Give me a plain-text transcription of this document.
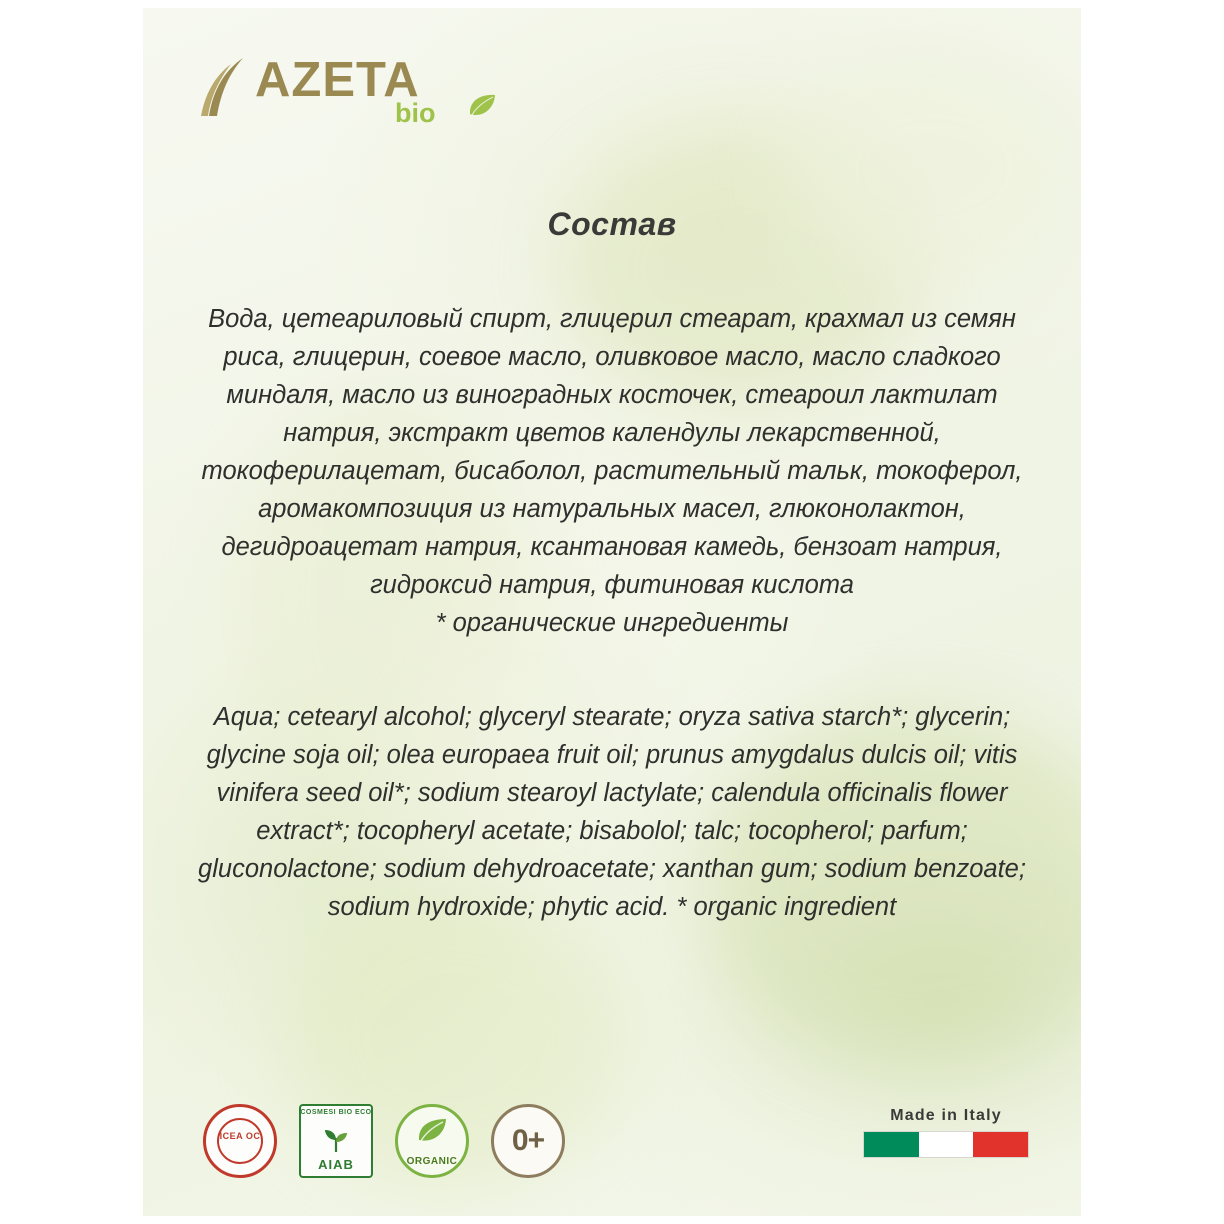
AZETA
bio
Состав
Вода, цетеариловый спирт, глицерил стеарат, крахмал из семян риса, глицерин, соевое масло, оливковое масло, масло сладкого миндаля, масло из виноградных косточек, стеароил лактилат натрия, экстракт цветов календулы лекарственной, токоферилацетат, бисаболол, растительный тальк, токоферол, аромакомпозиция из натуральных масел, глюконолактон, дегидроацетат натрия, ксантановая камедь, бензоат натрия, гидроксид натрия, фитиновая кислота
* органические ингредиенты
Aqua; cetearyl alcohol; glyceryl stearate; oryza sativa starch*; glycerin; glycine soja oil; olea europaea fruit oil; prunus amygdalus dulcis oil; vitis vinifera seed oil*; sodium stearoyl lactylate; calendula officinalis flower extract*; tocopheryl acetate; bisabolol; talc; tocopherol; parfum; gluconolactone; sodium dehydroacetate; xanthan gum; sodium benzoate; sodium hydroxide; phytic acid. * organic ingredient
ICEA OC
COSMESI BIO ECO
AIAB	ORGANIC
0+
Made in Italy
